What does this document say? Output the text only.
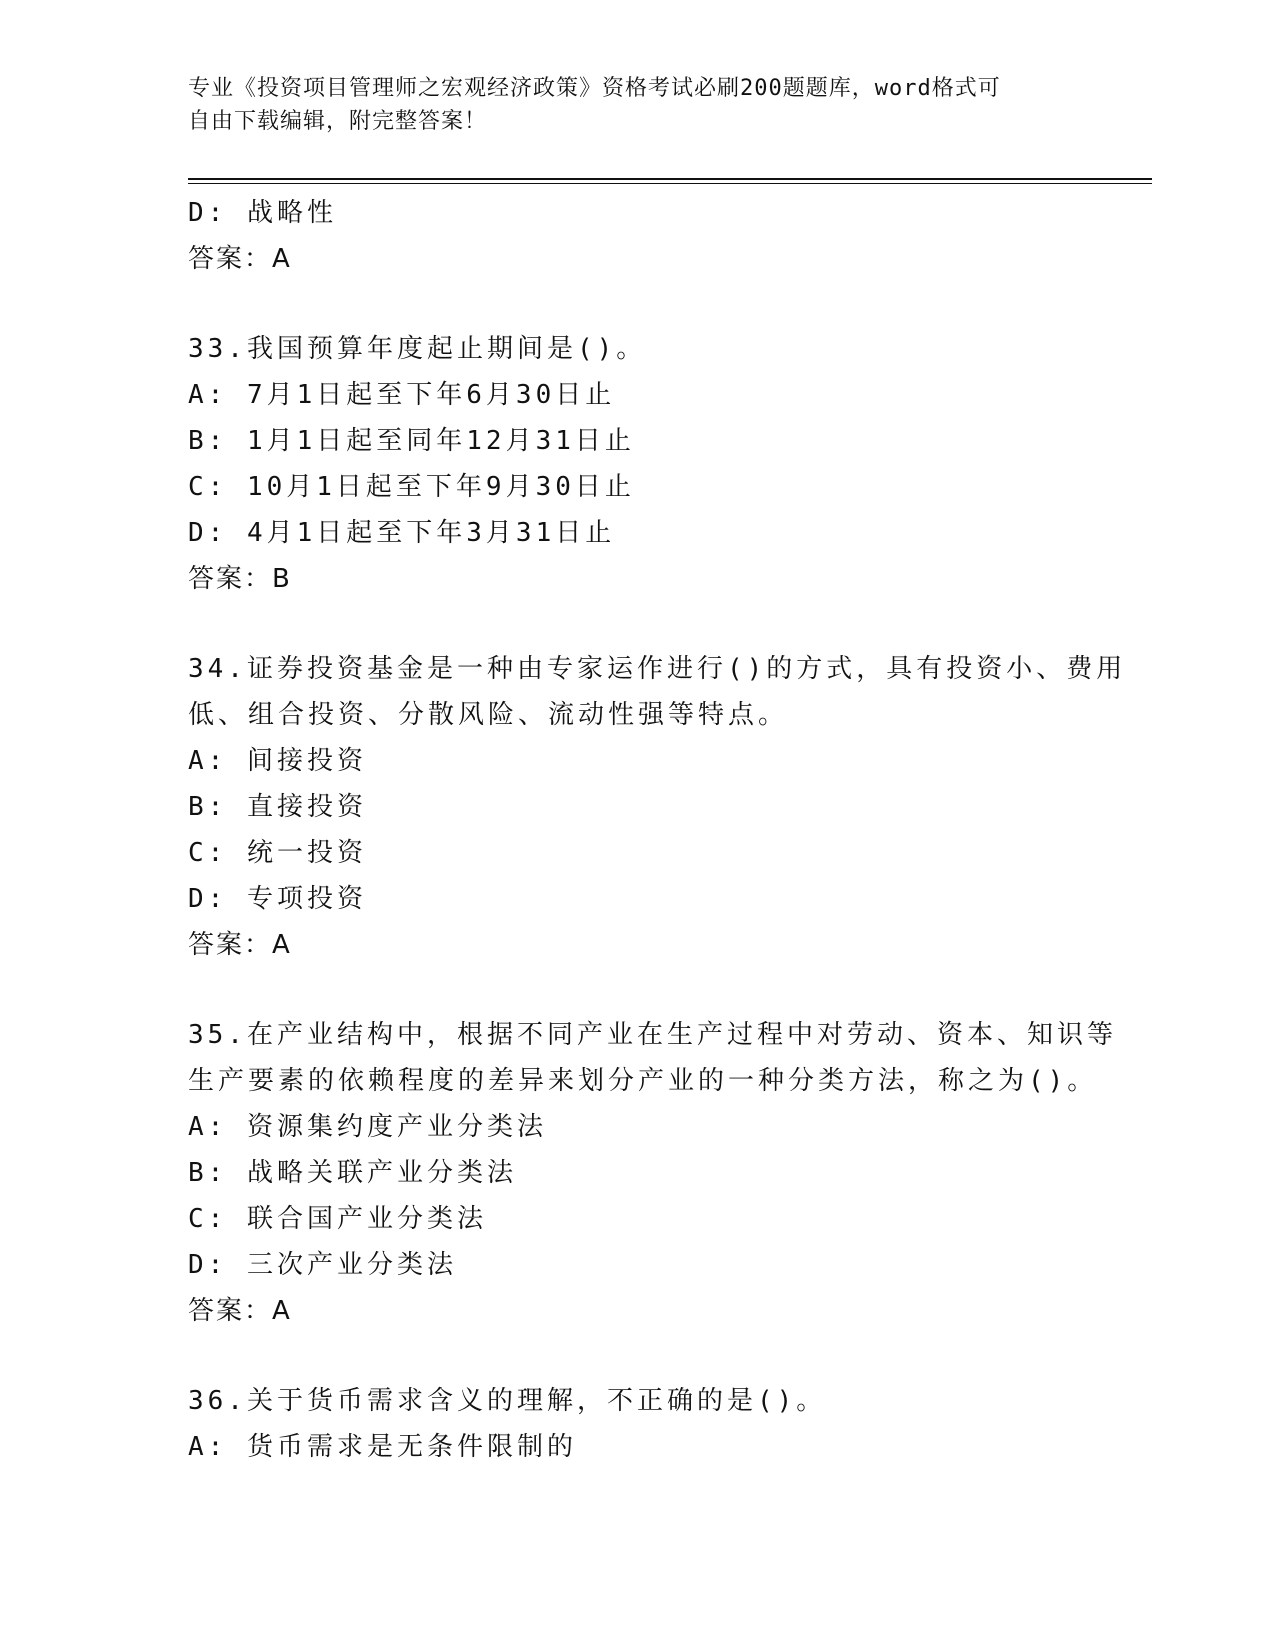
专业《投资项目管理师之宏观经济政策》资格考试必刷200题题库，word格式可
自由下载编辑，附完整答案！
D: 战略性
答案：A
33.我国预算年度起止期间是()。
A: 7月1日起至下年6月30日止
B: 1月1日起至同年12月31日止
C: 10月1日起至下年9月30日止
D: 4月1日起至下年3月31日止
答案：B
34.证券投资基金是一种由专家运作进行()的方式，具有投资小、费用
低、组合投资、分散风险、流动性强等特点。
A: 间接投资
B: 直接投资
C: 统一投资
D: 专项投资
答案：A
35.在产业结构中，根据不同产业在生产过程中对劳动、资本、知识等
生产要素的依赖程度的差异来划分产业的一种分类方法，称之为()。
A: 资源集约度产业分类法
B: 战略关联产业分类法
C: 联合国产业分类法
D: 三次产业分类法
答案：A
36.关于货币需求含义的理解，不正确的是()。
A: 货币需求是无条件限制的
